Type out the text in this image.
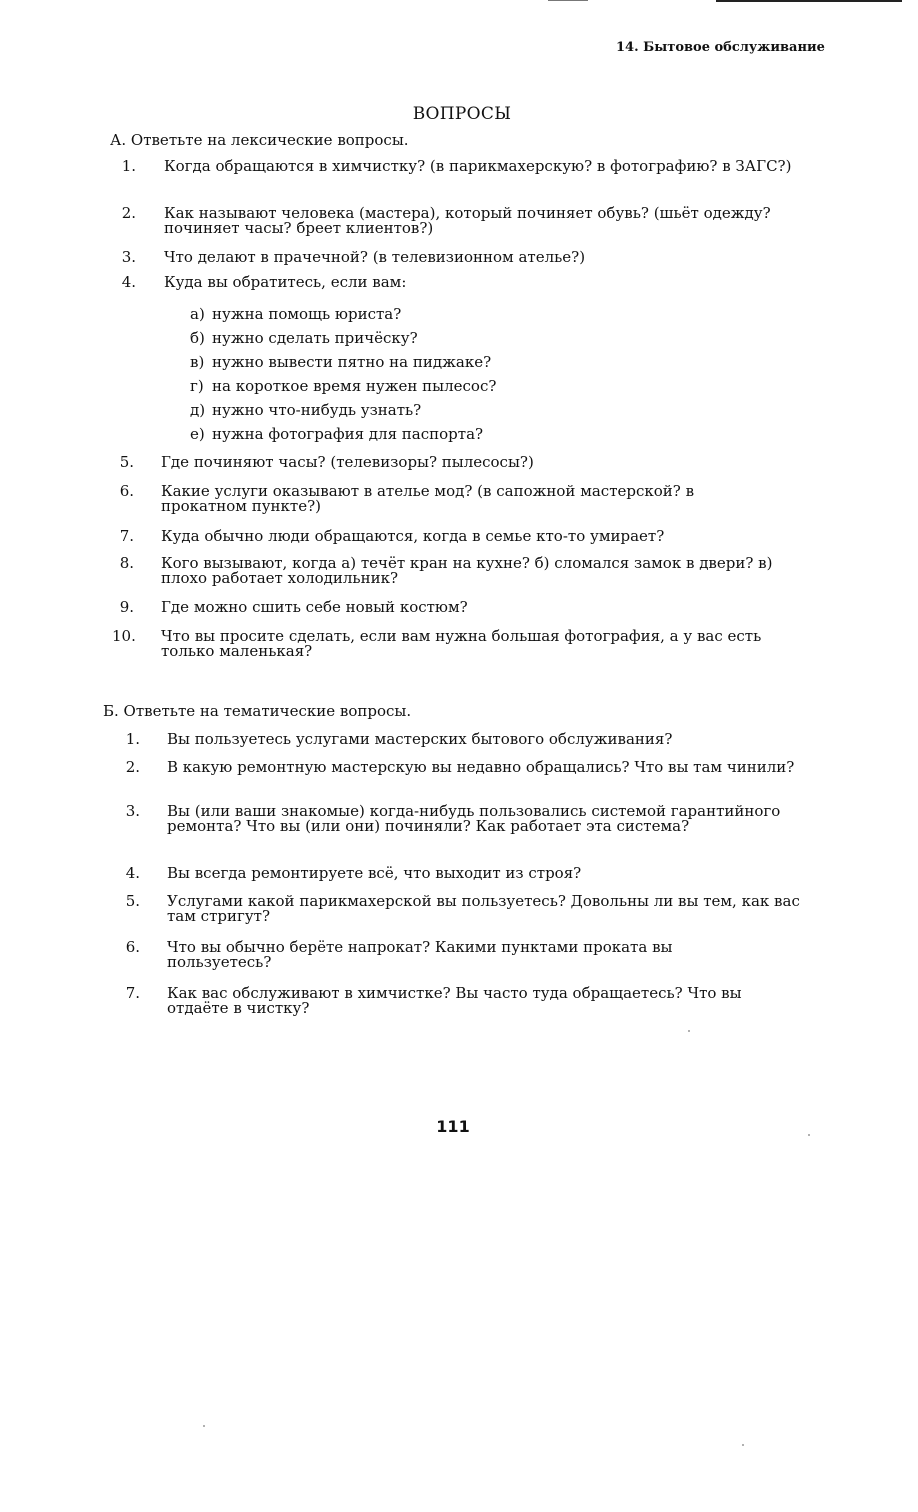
14. Бытовое обслуживание
ВОПРОСЫ
А. Ответьте на лексические вопросы.
1. Когда обращаются в химчистку? (в парикмахерскую? в фотографию? в ЗАГС?)
2. Как называют человека (мастера), который починяет обувь? (шьёт одежду? починяет часы? бреет клиентов?)
3. Что делают в прачечной? (в телевизионном ателье?)
4. Куда вы обратитесь, если вам:
а) нужна помощь юриста?
б) нужно сделать причёску?
в) нужно вывести пятно на пиджаке?
г) на короткое время нужен пылесос?
д) нужно что-нибудь узнать?
е) нужна фотография для паспорта?
5. Где починяют часы? (телевизоры? пылесосы?)
6. Какие услуги оказывают в ателье мод? (в сапожной мастерской? в прокатном пункте?)
7. Куда обычно люди обращаются, когда в семье кто-то умирает?
8. Кого вызывают, когда а) течёт кран на кухне? б) сломался замок в двери? в) плохо работает холодильник?
9. Где можно сшить себе новый костюм?
10. Что вы просите сделать, если вам нужна большая фотография, а у вас есть только маленькая?
Б. Ответьте на тематические вопросы.
1. Вы пользуетесь услугами мастерских бытового обслуживания?
2. В какую ремонтную мастерскую вы недавно обращались? Что вы там чинили?
3. Вы (или ваши знакомые) когда-нибудь пользовались системой гарантийного ремонта? Что вы (или они) починяли? Как работает эта система?
4. Вы всегда ремонтируете всё, что выходит из строя?
5. Услугами какой парикмахерской вы пользуетесь? Довольны ли вы тем, как вас там стригут?
6. Что вы обычно берёте напрокат? Какими пунктами проката вы пользуетесь?
7. Как вас обслуживают в химчистке? Вы часто туда обращаетесь? Что вы отдаёте в чистку?
111
